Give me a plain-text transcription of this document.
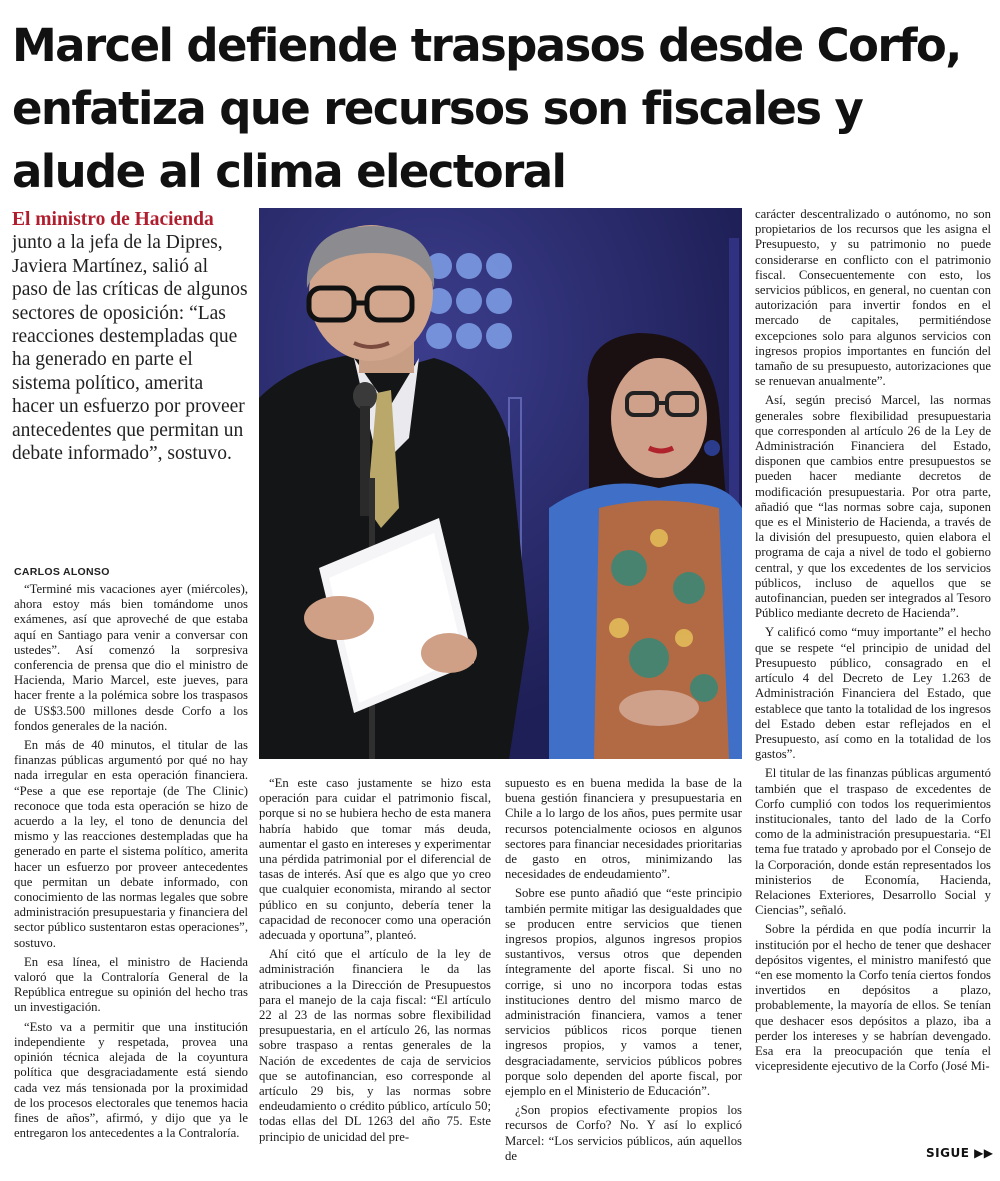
Marcel defiende traspasos desde Corfo, enfatiza que recursos son fiscales y alude al clima electoral

El ministro de Hacienda junto a la jefa de la Dipres, Javiera Martínez, salió al paso de las críticas de algunos sectores de oposición: “Las reacciones destempladas que ha generado en parte el sistema político, amerita hacer un esfuerzo por proveer antecedentes que permitan un debate informado”, sostuvo.

CARLOS ALONSO

“Terminé mis vacaciones ayer (miércoles), ahora estoy más bien tomándome unos exámenes, así que aproveché de que estaba aquí en Santiago para venir a conversar con ustedes”. Así comenzó la sorpresiva conferencia de prensa que dio el ministro de Hacienda, Mario Marcel, este jueves, para hacer frente a la polémica sobre los traspasos de US$3.500 millones desde Corfo a los fondos generales de la nación.

En más de 40 minutos, el titular de las finanzas públicas argumentó por qué no hay nada irregular en esta operación financiera. “Pese a que ese reportaje (de The Clinic) reconoce que toda esta operación se hizo de acuerdo a la ley, el tono de denuncia del mismo y las reacciones destempladas que ha generado en parte el sistema político, amerita hacer un esfuerzo por proveer antecedentes que permitan un debate informado, con conocimiento de las normas legales que sobre administración presupuestaria y financiera del sector público sustentaron estas operaciones”, sostuvo.

En esa línea, el ministro de Hacienda valoró que la Contraloría General de la República entregue su opinión del hecho tras un investigación.

“Esto va a permitir que una institución independiente y respetada, provea una opinión técnica alejada de la coyuntura política que desgraciadamente está siendo cada vez más tensionada por la proximidad de los procesos electorales que tenemos hacia fines de años”, afirmó, y dijo que ya le entregaron los antecedentes a la Contraloría.

“En este caso justamente se hizo esta operación para cuidar el patrimonio fiscal, porque si no se hubiera hecho de esta manera habría habido que tomar más deuda, aumentar el gasto en intereses y experimentar una pérdida patrimonial por el diferencial de tasas de interés. Así que es algo que yo creo que cualquier economista, mirando al sector público en su conjunto, debería tener la capacidad de reconocer como una operación adecuada y oportuna”, planteó.

Ahí citó que el artículo de la ley de administración financiera le da las atribuciones a la Dirección de Presupuestos para el manejo de la caja fiscal: “El artículo 22 al 23 de las normas sobre flexibilidad presupuestaria, en el artículo 26, las normas sobre traspaso a rentas generales de la Nación de excedentes de caja de servicios que se autofinancian, eso corresponde al artículo 29 bis, y las normas sobre endeudamiento o crédito público, artículo 50; todas ellas del DL 1263 del año 75. Este principio de unicidad del pre-

supuesto es en buena medida la base de la buena gestión financiera y presupuestaria en Chile a lo largo de los años, pues permite usar recursos potencialmente ociosos en algunos sectores para financiar necesidades prioritarias de gasto en otros, minimizando las necesidades de endeudamiento”.

Sobre ese punto añadió que “este principio también permite mitigar las desigualdades que se producen entre servicios que tienen ingresos propios, algunos ingresos propios sustantivos, versus otros que dependen íntegramente del aporte fiscal. Si uno no corrige, si uno no incorpora todas estas instituciones dentro del mismo marco de administración financiera, vamos a tener servicios públicos ricos porque tienen ingresos propios, y vamos a tener, desgraciadamente, servicios públicos pobres porque solo dependen del aporte fiscal, por ejemplo en el Ministerio de Educación”.

¿Son propios efectivamente propios los recursos de Corfo? No. Y así lo explicó Marcel: “Los servicios públicos, aún aquellos de

carácter descentralizado o autónomo, no son propietarios de los recursos que les asigna el Presupuesto, y su patrimonio no puede considerarse en conflicto con el patrimonio fiscal. Consecuentemente con esto, los servicios públicos, en general, no cuentan con autorización para invertir fondos en el mercado de capitales, permitiéndose excepciones solo para algunos servicios con ingresos propios importantes en función del tamaño de su presupuesto, autorizaciones que se renuevan anualmente”.

Así, según precisó Marcel, las normas generales sobre flexibilidad presupuestaria que corresponden al artículo 26 de la Ley de Administración Financiera del Estado, disponen que cambios entre presupuestos se pueden hacer mediante decretos de modificación presupuestaria. Por otra parte, añadió que “las normas sobre caja, suponen que es el Ministerio de Hacienda, a través de la división del presupuesto, quien elabora el programa de caja a nivel de todo el gobierno central, y que los excedentes de los servicios públicos, incluso de aquellos que se autofinancian, pueden ser integrados al Tesoro Público mediante decreto de Hacienda”.

Y calificó como “muy importante” el hecho que se respete “el principio de unidad del Presupuesto público, consagrado en el artículo 4 del Decreto de Ley 1.263 de Administración Financiera del Estado, que establece que tanto la totalidad de los ingresos del Estado deben estar reflejados en el Presupuesto, así como en la totalidad de los gastos”.

El titular de las finanzas públicas argumentó también que el traspaso de excedentes de Corfo cumplió con todos los requerimientos institucionales, tanto del lado de la Corfo como de la administración presupuestaria. “El tema fue tratado y aprobado por el Consejo de la Corporación, donde están representados los ministerios de Economía, Hacienda, Relaciones Exteriores, Desarrollo Social y Ciencias”, señaló.

Sobre la pérdida en que podía incurrir la institución por el hecho de tener que deshacer depósitos vigentes, el ministro manifestó que “en ese momento la Corfo tenía ciertos fondos invertidos en depósitos a plazo, probablemente, la mayoría de ellos. Se tenían que deshacer esos depósitos a plazo, iba a perder los intereses y se habrían devengado. Esa era la preocupación que tenía el vicepresidente ejecutivo de la Corfo (José Mi-

SIGUE ▶▶
